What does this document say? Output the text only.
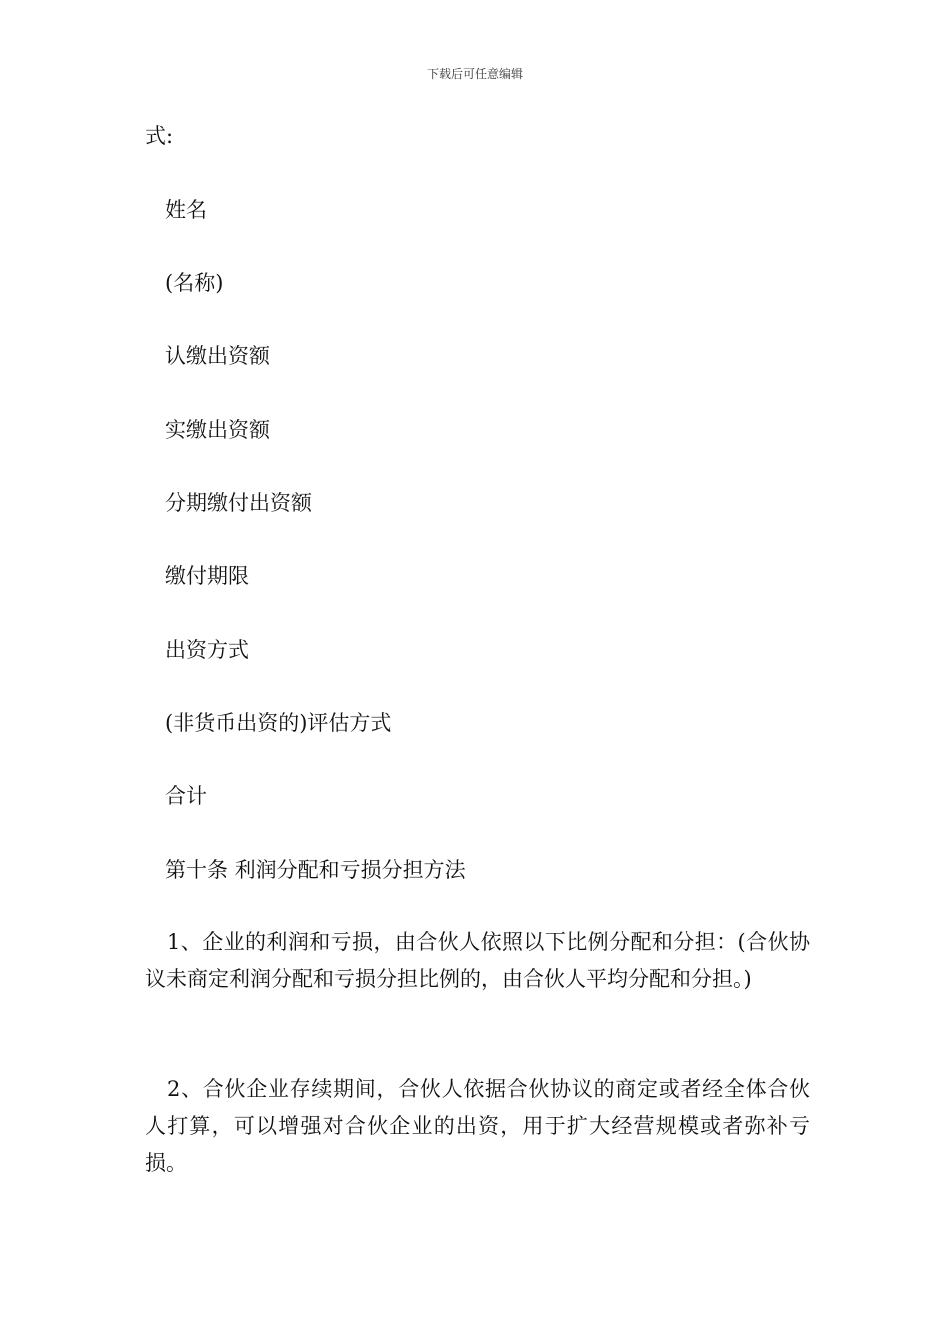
下载后可任意编辑
式:
姓名
(名称)
认缴出资额
实缴出资额
分期缴付出资额
缴付期限
出资方式
(非货币出资的)评估方式
合计
第十条 利润分配和亏损分担方法
1、企业的利润和亏损，由合伙人依照以下比例分配和分担：(合伙协议未商定利润分配和亏损分担比例的，由合伙人平均分配和分担。)
2、合伙企业存续期间，合伙人依据合伙协议的商定或者经全体合伙人打算，可以增强对合伙企业的出资，用于扩大经营规模或者弥补亏损。
